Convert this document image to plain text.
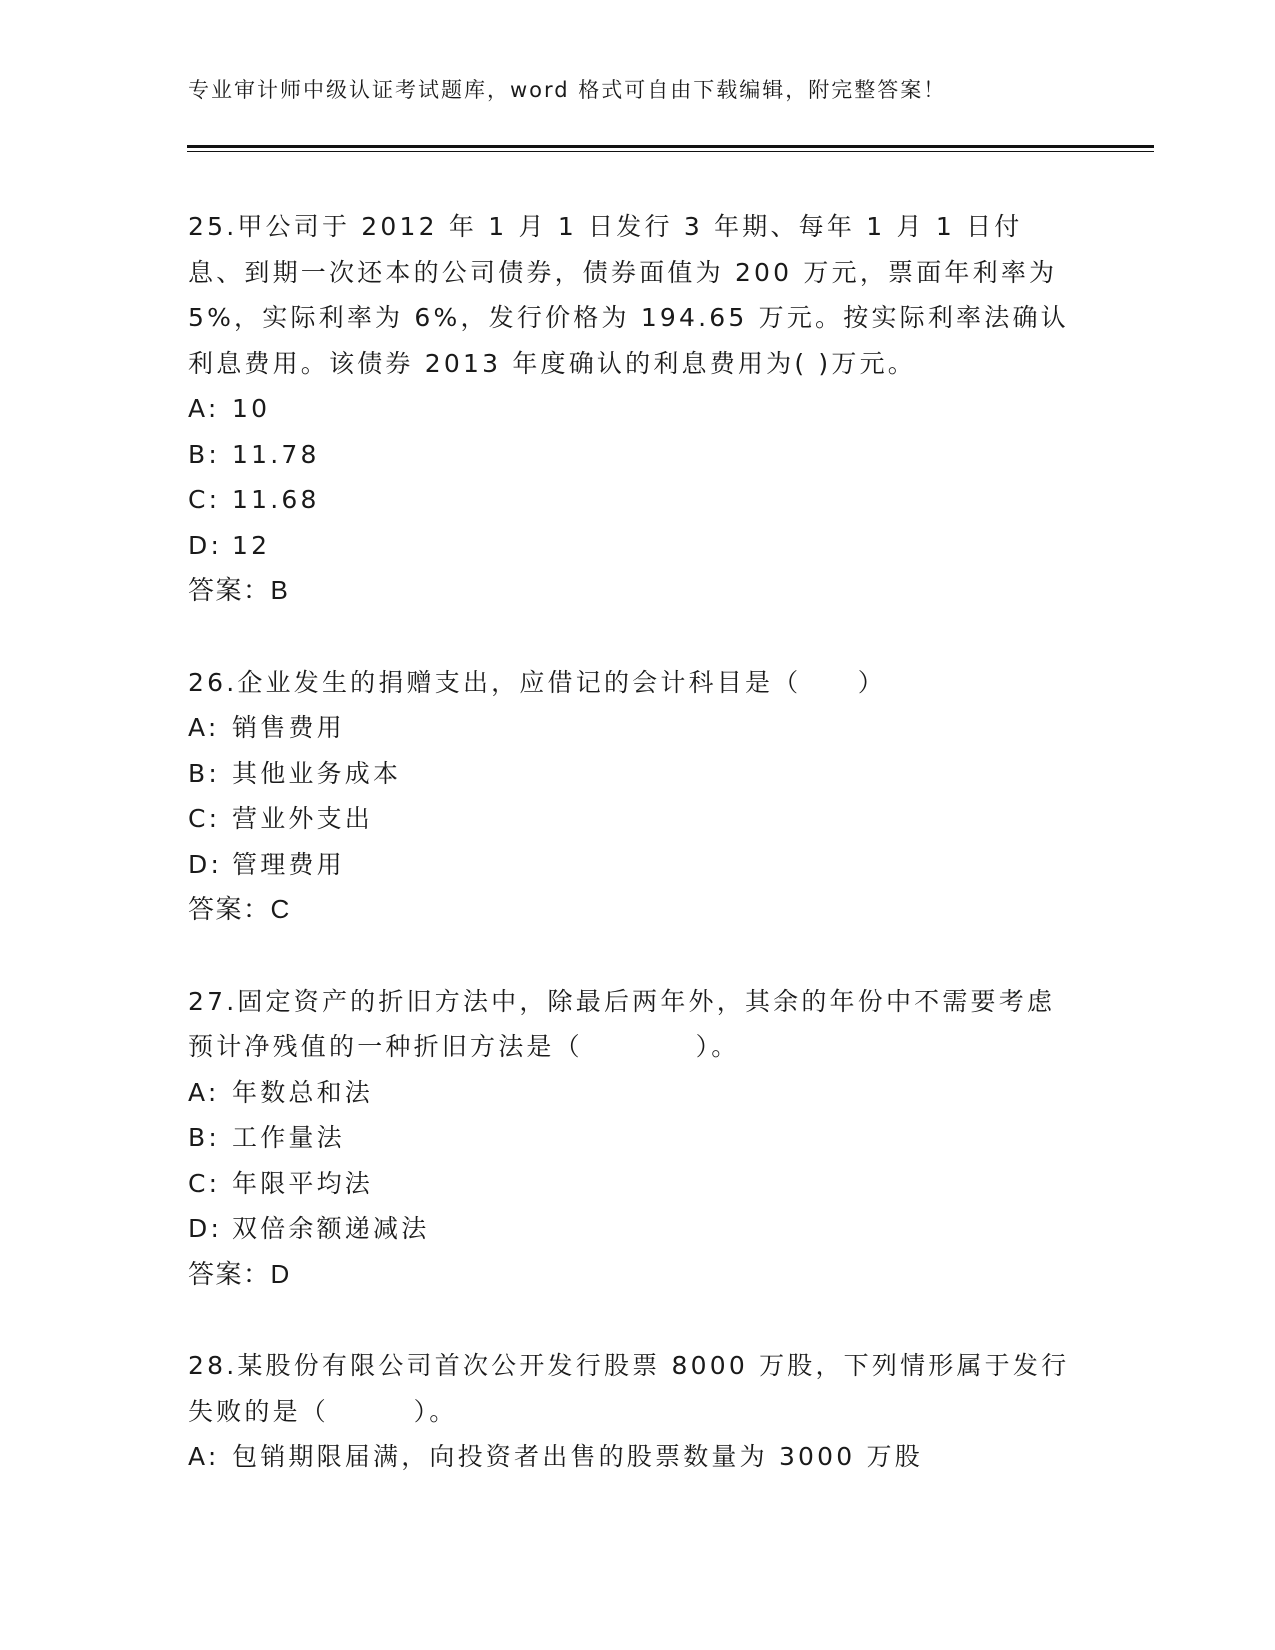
专业审计师中级认证考试题库，word 格式可自由下载编辑，附完整答案！

25.甲公司于 2012 年 1 月 1 日发行 3 年期、每年 1 月 1 日付息、到期一次还本的公司债券，债券面值为 200 万元，票面年利率为 5%，实际利率为 6%，发行价格为 194.65 万元。按实际利率法确认利息费用。该债券 2013 年度确认的利息费用为( )万元。

A: 10
B: 11.78
C: 11.68
D: 12
答案：B

26.企业发生的捐赠支出，应借记的会计科目是（　　）

A: 销售费用
B: 其他业务成本
C: 营业外支出
D: 管理费用
答案：C

27.固定资产的折旧方法中，除最后两年外，其余的年份中不需要考虑预计净残值的一种折旧方法是（　　　　）。

A: 年数总和法
B: 工作量法
C: 年限平均法
D: 双倍余额递减法
答案：D

28.某股份有限公司首次公开发行股票 8000 万股，下列情形属于发行失败的是（　　　）。

A: 包销期限届满，向投资者出售的股票数量为 3000 万股
